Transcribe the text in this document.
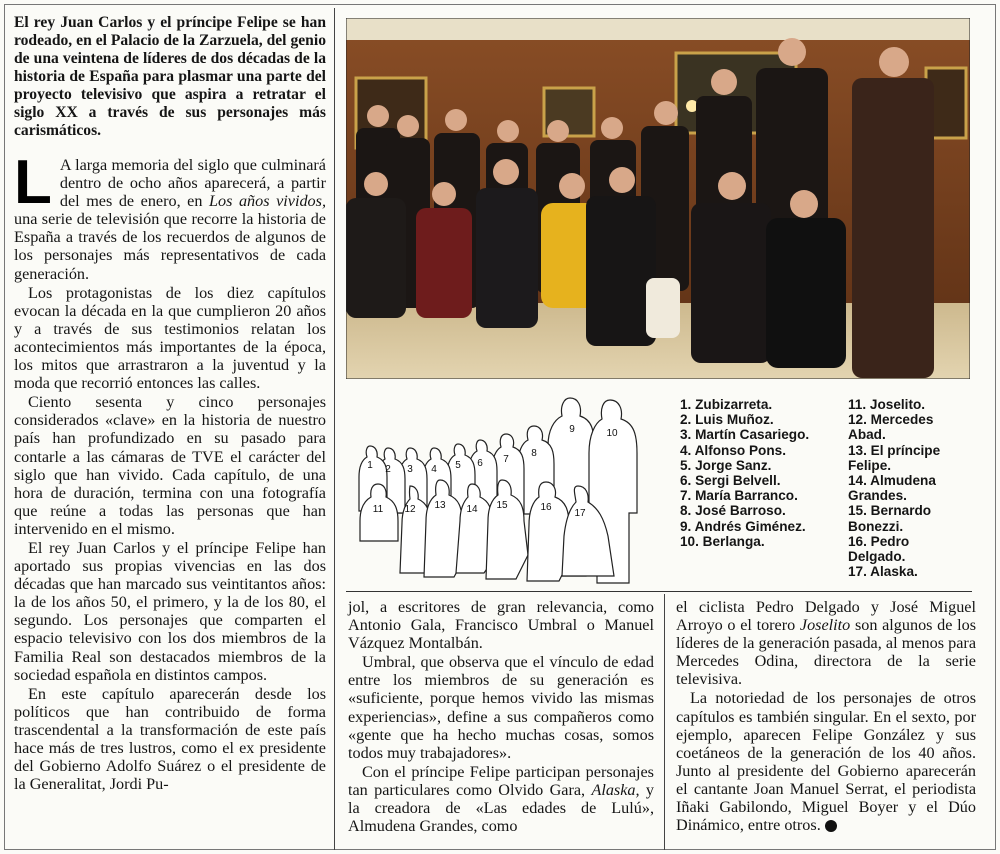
El rey Juan Carlos y el príncipe Felipe se han rodeado, en el Palacio de la Zarzuela, del genio de una veintena de líderes de dos décadas de la historia de España para plasmar una parte del proyecto televisivo que aspira a retratar el siglo XX a través de sus personajes más carismáticos.

L A larga memoria del siglo que culminará dentro de ocho años aparecerá, a partir del mes de enero, en Los años vividos, una serie de televisión que recorre la historia de España a través de los recuerdos de algunos de los personajes más representativos de cada generación.

Los protagonistas de los diez capítulos evocan la década en la que cumplieron 20 años y a través de sus testimonios relatan los acontecimientos más importantes de la época, los mitos que arrastraron a la juventud y la moda que recorrió entonces las calles.

Ciento sesenta y cinco personajes considerados «clave» en la historia de nuestro país han profundizado en su pasado para contarle a las cámaras de TVE el carácter del siglo que han vivido. Cada capítulo, de una hora de duración, termina con una fotografía que reúne a todas las personas que han intervenido en el mismo.

El rey Juan Carlos y el príncipe Felipe han aportado sus propias vivencias en las dos décadas que han marcado sus veintitantos años: la de los años 50, el primero, y la de los 80, el segundo. Los personajes que comparten el espacio televisivo con los dos miembros de la Familia Real son destacados miembros de la sociedad española en distintos campos.

En este capítulo aparecerán desde los políticos que han contribuido de forma trascendental a la transformación de este país hace más de tres lustros, como el ex presidente del Gobierno Adolfo Suárez o el presidente de la Generalitat, Jordi Pu-

1 2 3 4 5 6 7
8
9	10
11 12 13 14 15	16
17

1. Zubizarreta.

2. Luis Muñoz.

3. Martín Casariego.

4. Alfonso Pons.

5. Jorge Sanz.

6. Sergi Belvell.

7. María Barranco.

8. José Barroso.

9. Andrés Giménez.

10. Berlanga.

11. Joselito.

12. Mercedes Abad.

13. El príncipe Felipe.

14. Almudena Grandes.

15. Bernardo Bonezzi.

16. Pedro Delgado.

17. Alaska.

jol, a escritores de gran relevancia, como Antonio Gala, Francisco Umbral o Manuel Vázquez Montalbán.

Umbral, que observa que el vínculo de edad entre los miembros de su generación es «suficiente, porque hemos vivido las mismas experiencias», define a sus compañeros como «gente que ha hecho muchas cosas, somos todos muy trabajadores».

Con el príncipe Felipe participan personajes tan particulares como Olvido Gara, Alaska, y la creadora de «Las edades de Lulú», Almudena Grandes, como

el ciclista Pedro Delgado y José Miguel Arroyo o el torero Joselito son algunos de los líderes de la generación pasada, al menos para Mercedes Odina, directora de la serie televisiva.

La notoriedad de los personajes de otros capítulos es también singular. En el sexto, por ejemplo, aparecen Felipe González y sus coetáneos de la generación de los 40 años. Junto al presidente del Gobierno aparecerán el cantante Joan Manuel Serrat, el periodista Iñaki Gabilondo, Miguel Boyer y el Dúo Dinámico, entre otros.
